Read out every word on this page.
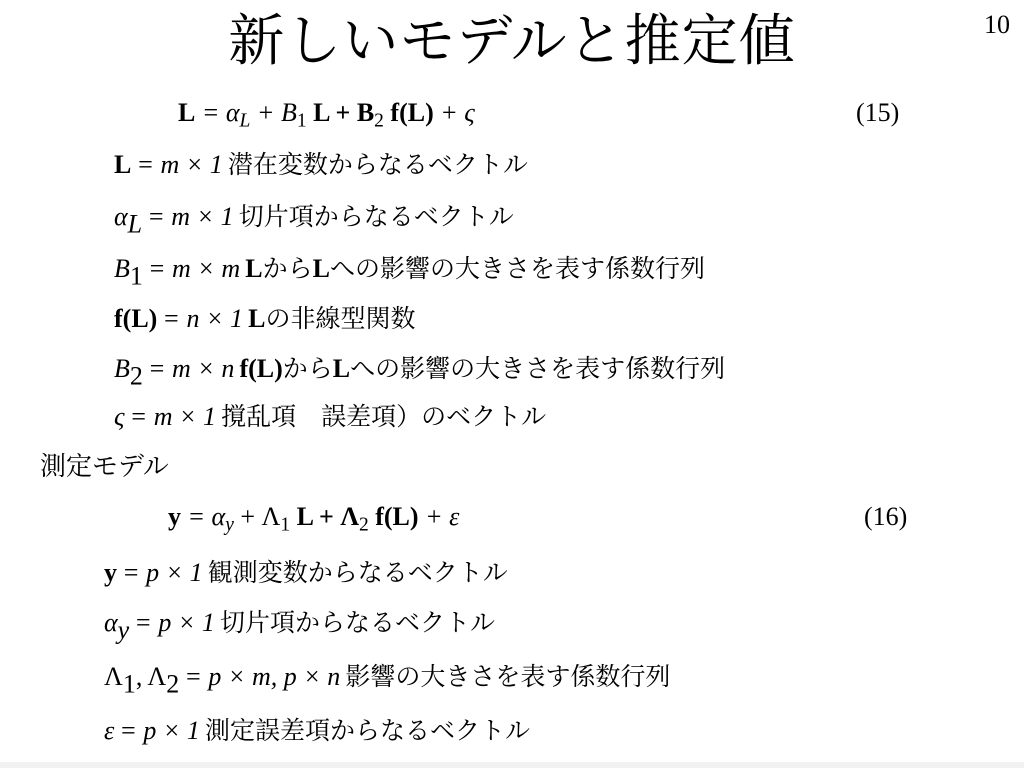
新しいモデルと推定値	10
$L = \alpha_L + B_1$ $L + B_2$ f(L) + ς	(15)
L = m × 1 潜在変数からなるベクトル
$\alpha_L = m \times 1$ 切片項からなるベクトル
$B_1 = m \times m$ LからLへの影響の大きさを表す係数行列
f(L) = n × 1 Lの非線型関数
$B_2 = m \times n$ f(L)からLへの影響の大きさを表す係数行列
ς = m × 1 撹乱項　誤差項）のベクトル
測定モデル
$y = \alpha_y + \Lambda_1$ $L + \Lambda_2$ f(L) + ε	(16)
y = p × 1 観測変数からなるベクトル
$\alpha_y = p \times 1$ 切片項からなるベクトル
$\Lambda_1$, $\Lambda_2 = p \times m$, p × n 影響の大きさを表す係数行列
ε = p × 1 測定誤差項からなるベクトル
